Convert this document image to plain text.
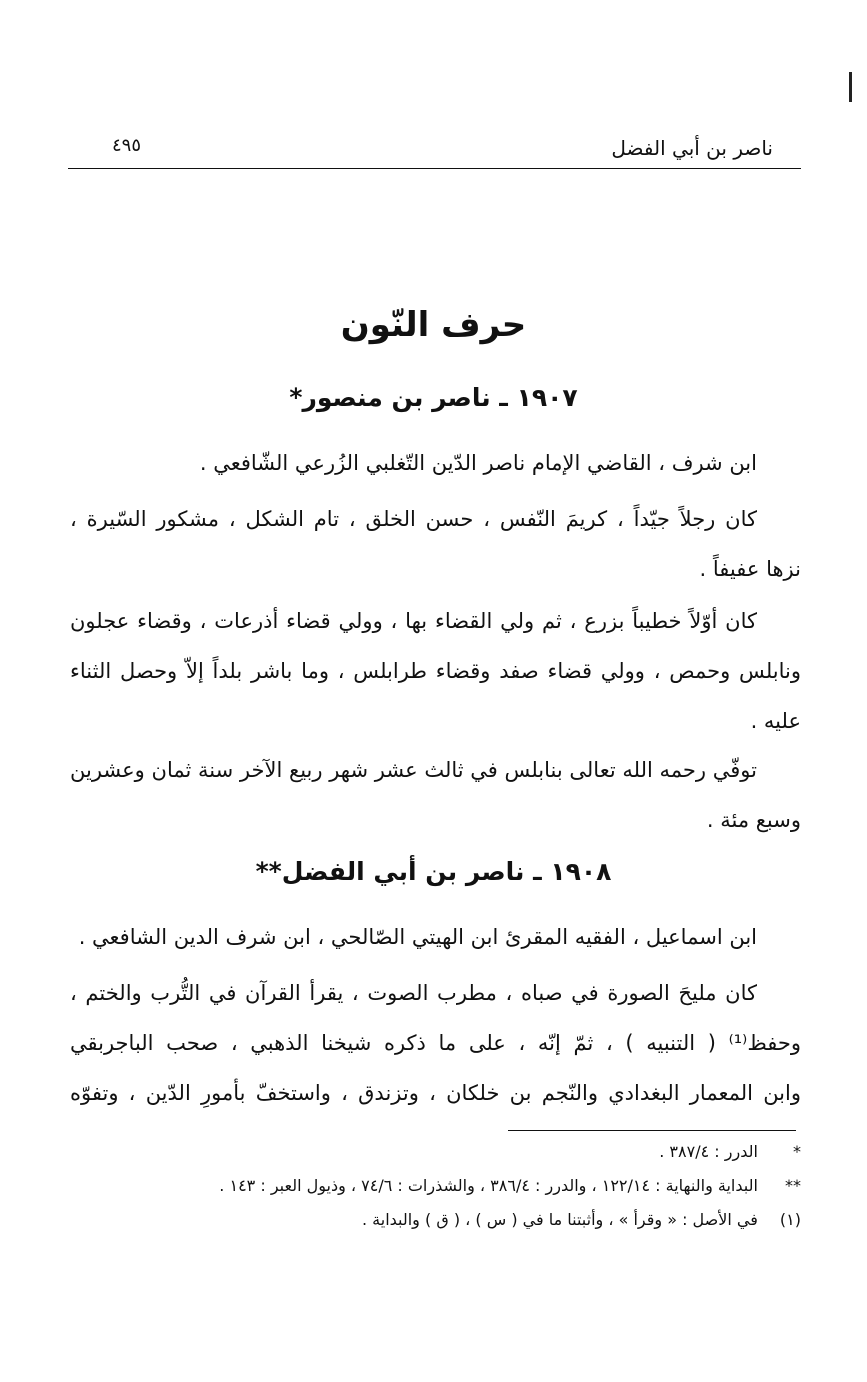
ناصر بن أبي الفضل
٤٩٥
حرف النّون
١٩٠٧ ـ ناصر بن منصور*
ابن شرف ، القاضي الإمام ناصر الدّين التّغلبي الزُرعي الشّافعي .
كان رجلاً جيّداً ، كريمَ النّفس ، حسن الخلق ، تام الشكل ، مشكور السّيرة ،
نزها عفيفاً .
كان أوّلاً خطيباً بزرع ، ثم ولي القضاء بها ، وولي قضاء أذرعات ، وقضاء عجلون
ونابلس وحمص ، وولي قضاء صفد وقضاء طرابلس ، وما باشر بلداً إلاّ وحصل الثناء
عليه .
توفّي رحمه الله تعالى بنابلس في ثالث عشر شهر ربيع الآخر سنة ثمان وعشرين
وسبع مئة .
١٩٠٨ ـ ناصر بن أبي الفضل**
ابن اسماعيل ، الفقيه المقرئ ابن الهيتي الصّالحي ، ابن شرف الدين الشافعي .
كان مليحَ الصورة في صباه ، مطرب الصوت ، يقرأ القرآن في التُّرب والختم ،
وحفظ⁽¹⁾ ( التنبيه ) ، ثمّ إنّه ، على ما ذكره شيخنا الذهبي ، صحب الباجربقي
وابن المعمار البغدادي والنّجم بن خلكان ، وتزندق ، واستخفّ بأمورِ الدّين ، وتفوّه
* الدرر : ٣٨٧/٤ .
** البداية والنهاية : ١٢٢/١٤ ، والدرر : ٣٨٦/٤ ، والشذرات : ٧٤/٦ ، وذيول العبر : ١٤٣ .
(١) في الأصل : « وقرأ » ، وأثبتنا ما في ( س ) ، ( ق ) والبداية .
